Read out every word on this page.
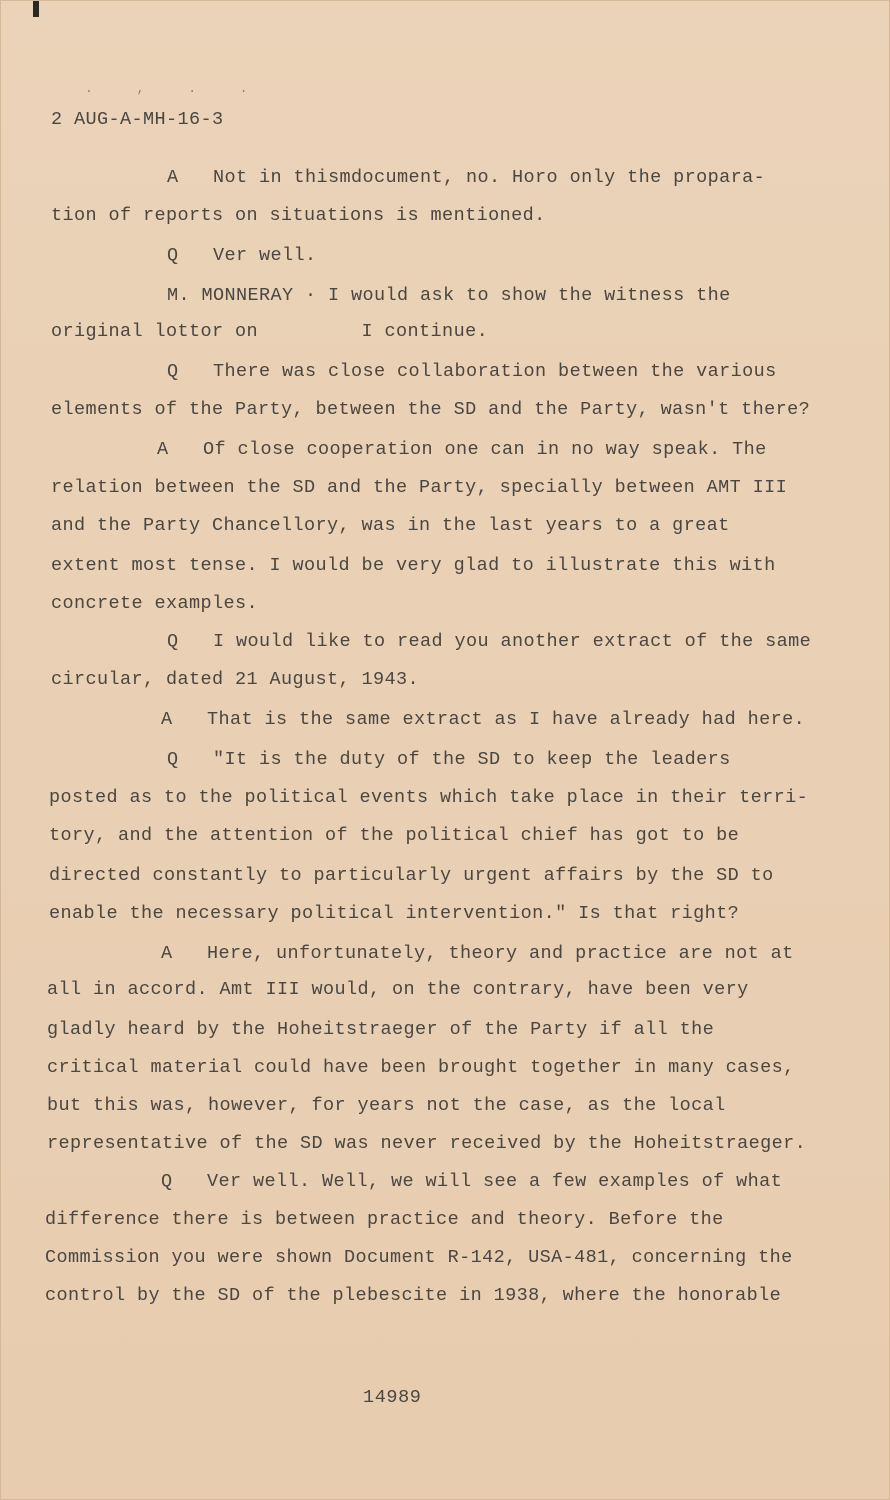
. , . .
2 AUG-A-MH-16-3
A   Not in thismdocument, no. Horo only the propara-
tion of reports on situations is mentioned.
Q   Ver well.
M. MONNERAY · I would ask to show the witness the
original lottor on         I continue.
Q   There was close collaboration between the various
elements of the Party, between the SD and the Party, wasn't there?
A   Of close cooperation one can in no way speak. The
relation between the SD and the Party, specially between AMT III
and the Party Chancellory, was in the last years to a great
extent most tense. I would be very glad to illustrate this with
concrete examples.
Q   I would like to read you another extract of the same
circular, dated 21 August, 1943.
A   That is the same extract as I have already had here.
Q   "It is the duty of the SD to keep the leaders
posted as to the political events which take place in their terri-
tory, and the attention of the political chief has got to be
directed constantly to particularly urgent affairs by the SD to
enable the necessary political intervention." Is that right?
A   Here, unfortunately, theory and practice are not at
all in accord. Amt III would, on the contrary, have been very
gladly heard by the Hoheitstraeger of the Party if all the
critical material could have been brought together in many cases,
but this was, however, for years not the case, as the local
representative of the SD was never received by the Hoheitstraeger.
Q   Ver well. Well, we will see a few examples of what
difference there is between practice and theory. Before the
Commission you were shown Document R-142, USA-481, concerning the
control by the SD of the plebescite in 1938, where the honorable
14989
